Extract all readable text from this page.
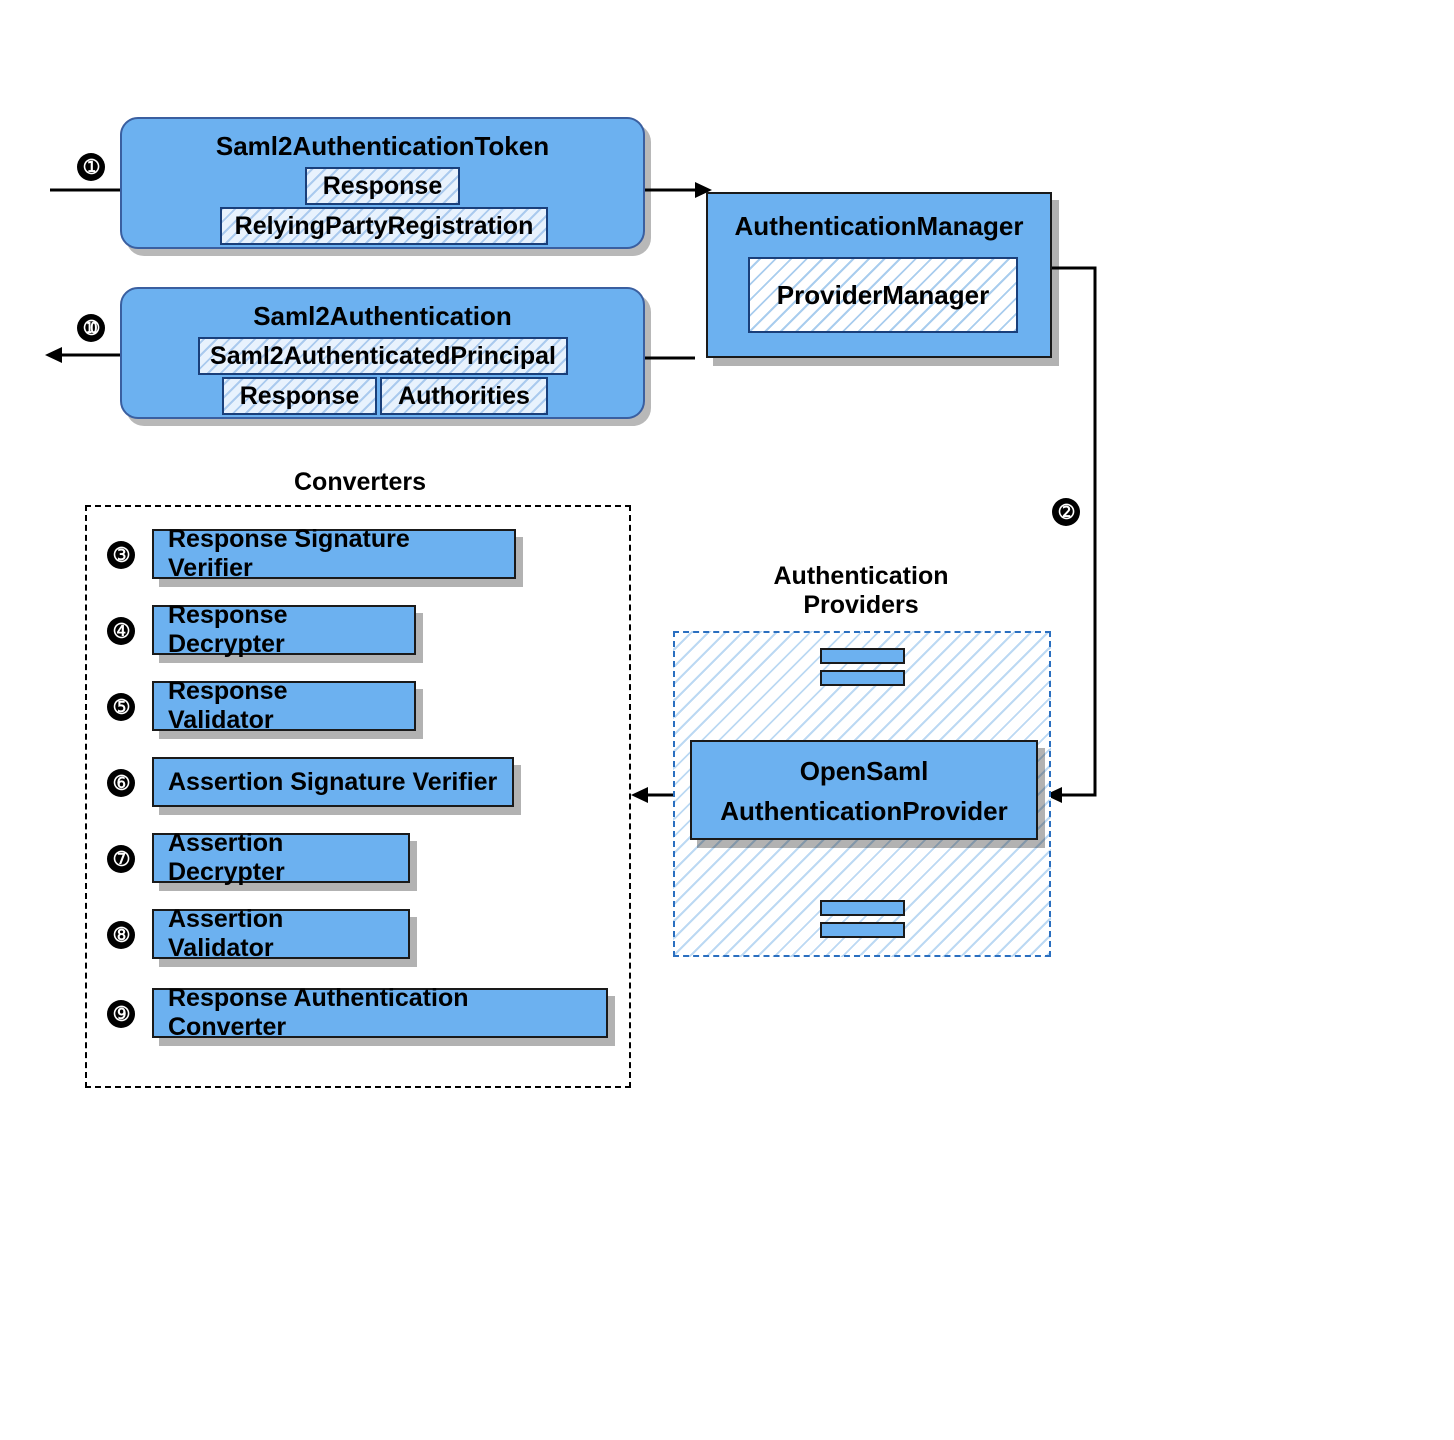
➀
Saml2AuthenticationToken
Response
RelyingPartyRegistration
➉	Saml2Authentication
Saml2AuthenticatedPrincipal
Response	Authorities
AuthenticationManager
ProviderManager
➁
Converters
➂
Response Signature Verifier
➃
Response Decrypter
➄
Response Validator
➅ Assertion Signature Verifier
➆
Assertion Decrypter
➇
Assertion Validator
➈
Response Authentication Converter
Authentication
Providers
OpenSaml
AuthenticationProvider
